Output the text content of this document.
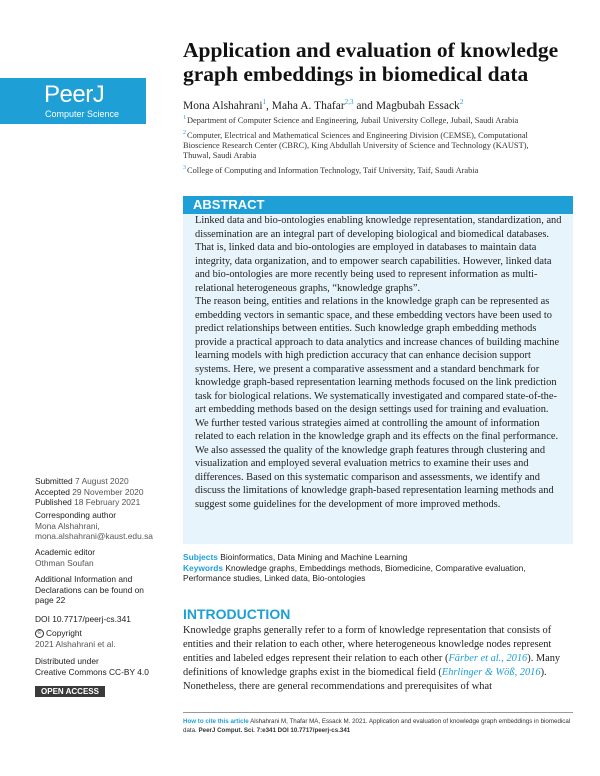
PeerJ
Computer Science
Application and evaluation of knowledge graph embeddings in biomedical data
Mona Alshahrani$^1$, Maha A. Thafar$^{2,3}$ and Magbubah Essack$^2$
$^1$Department of Computer Science and Engineering, Jubail University College, Jubail, Saudi Arabia
$^2$Computer, Electrical and Mathematical Sciences and Engineering Division (CEMSE), Computational Bioscience Research Center (CBRC), King Abdullah University of Science and Technology (KAUST), Thuwal, Saudi Arabia
$^3$College of Computing and Information Technology, Taif University, Taif, Saudi Arabia
ABSTRACT

Linked data and bio-ontologies enabling knowledge representation, standardization, and dissemination are an integral part of developing biological and biomedical databases. That is, linked data and bio-ontologies are employed in databases to maintain data integrity, data organization, and to empower search capabilities. However, linked data and bio-ontologies are more recently being used to represent information as multi-relational heterogeneous graphs, “knowledge graphs”.

The reason being, entities and relations in the knowledge graph can be represented as embedding vectors in semantic space, and these embedding vectors have been used to predict relationships between entities. Such knowledge graph embedding methods provide a practical approach to data analytics and increase chances of building machine learning models with high prediction accuracy that can enhance decision support systems. Here, we present a comparative assessment and a standard benchmark for knowledge graph-based representation learning methods focused on the link prediction task for biological relations. We systematically investigated and compared state-of-the-art embedding methods based on the design settings used for training and evaluation. We further tested various strategies aimed at controlling the amount of information related to each relation in the knowledge graph and its effects on the final performance. We also assessed the quality of the knowledge graph features through clustering and visualization and employed several evaluation metrics to examine their uses and differences. Based on this systematic comparison and assessments, we identify and discuss the limitations of knowledge graph-based representation learning methods and suggest some guidelines for the development of more improved methods.

Submitted 7 August 2020
Accepted 29 November 2020
Published 18 February 2021
Corresponding author
Mona Alshahrani,
mona.alshahrani@kaust.edu.sa
Academic editor
Othman Soufan
Additional Information and Declarations can be found on page 22
DOI 10.7717/peerj-cs.341
© Copyright
2021 Alshahrani et al.
Distributed under
Creative Commons CC-BY 4.0
OPEN ACCESS
Subjects Bioinformatics, Data Mining and Machine Learning
Keywords Knowledge graphs, Embeddings methods, Biomedicine, Comparative evaluation, Performance studies, Linked data, Bio-ontologies
INTRODUCTION
Knowledge graphs generally refer to a form of knowledge representation that consists of entities and their relation to each other, where heterogeneous knowledge nodes represent entities and labeled edges represent their relation to each other (Färber et al., 2016). Many definitions of knowledge graphs exist in the biomedical field (Ehrlinger & Wöß, 2016). Nonetheless, there are general recommendations and prerequisites of what
How to cite this article Alshahrani M, Thafar MA, Essack M. 2021. Application and evaluation of knowledge graph embeddings in biomedical data. PeerJ Comput. Sci. 7:e341 DOI 10.7717/peerj-cs.341
